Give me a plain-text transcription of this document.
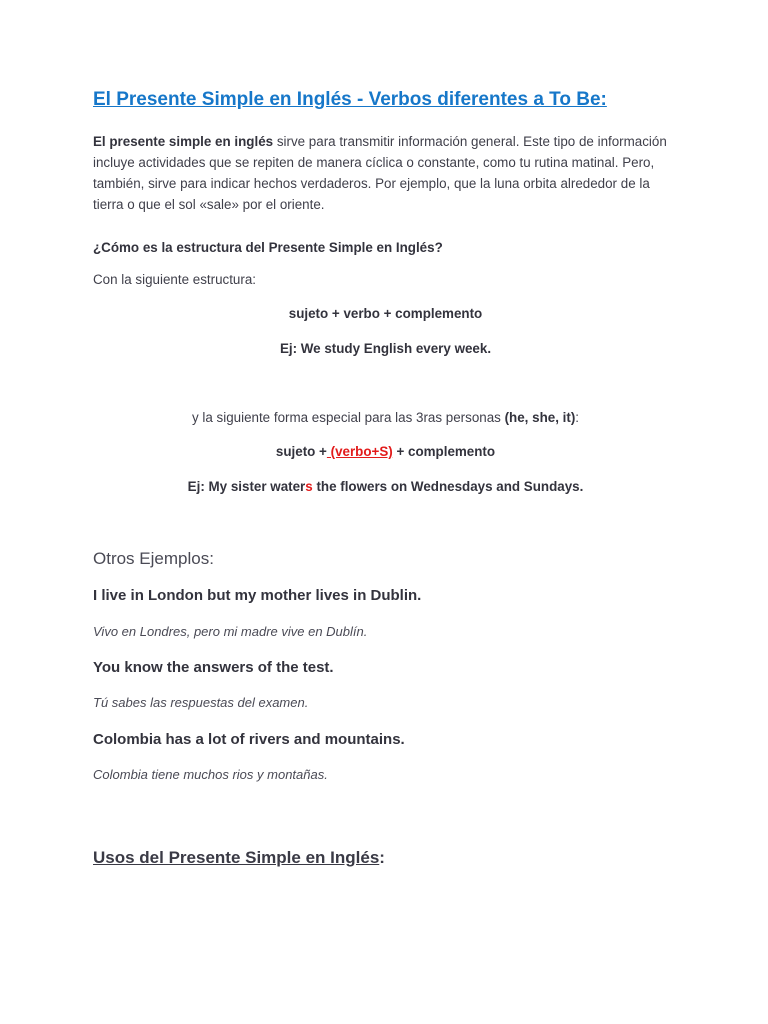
El Presente Simple en Inglés - Verbos diferentes a To Be:

El presente simple en inglés sirve para transmitir información general. Este tipo de información incluye actividades que se repiten de manera cíclica o constante, como tu rutina matinal. Pero, también, sirve para indicar hechos verdaderos. Por ejemplo, que la luna orbita alrededor de la tierra o que el sol «sale» por el oriente.

¿Cómo es la estructura del Presente Simple en Inglés?

Con la siguiente estructura:

sujeto + verbo + complemento

Ej: We study English every week.

y la siguiente forma especial para las 3ras personas (he, she, it):

sujeto + (verbo+S) + complemento

Ej: My sister waters the flowers on Wednesdays and Sundays.

Otros Ejemplos:

I live in London but my mother lives in Dublin.

Vivo en Londres, pero mi madre vive en Dublín.

You know the answers of the test.

Tú sabes las respuestas del examen.

Colombia has a lot of rivers and mountains.

Colombia tiene muchos rios y montañas.

Usos del Presente Simple en Inglés:
